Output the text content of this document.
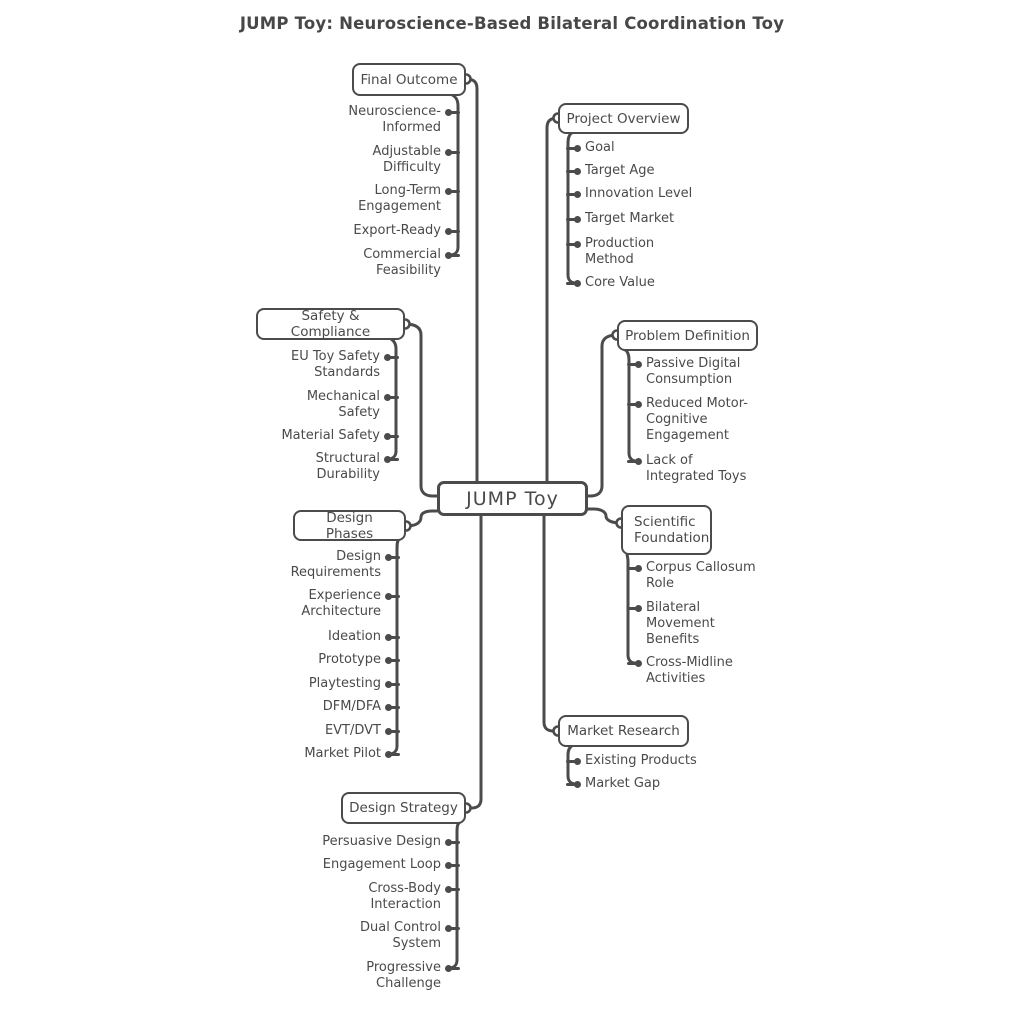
JUMP Toy: Neuroscience-Based Bilateral Coordination Toy
JUMP Toy
Final Outcome
Project Overview
Safety & Compliance	Problem Definition
Design Phases
Scientific Foundation
Market Research
Design Strategy
Neuroscience-Informed
Adjustable Difficulty
Long-Term Engagement
Export-Ready
Commercial Feasibility
Goal
Target Age
Innovation Level
Target Market
Production Method
Core Value
EU Toy Safety Standards
Mechanical Safety
Material Safety
Structural Durability
Passive Digital Consumption
Reduced Motor-Cognitive Engagement
Lack of Integrated Toys
Design Requirements
Experience Architecture
Ideation
Prototype
Playtesting
DFM/DFA
EVT/DVT
Market Pilot
Corpus Callosum Role
Bilateral Movement Benefits
Cross-Midline Activities
Existing Products
Market Gap
Persuasive Design
Engagement Loop
Cross-Body Interaction
Dual Control System
Progressive Challenge
